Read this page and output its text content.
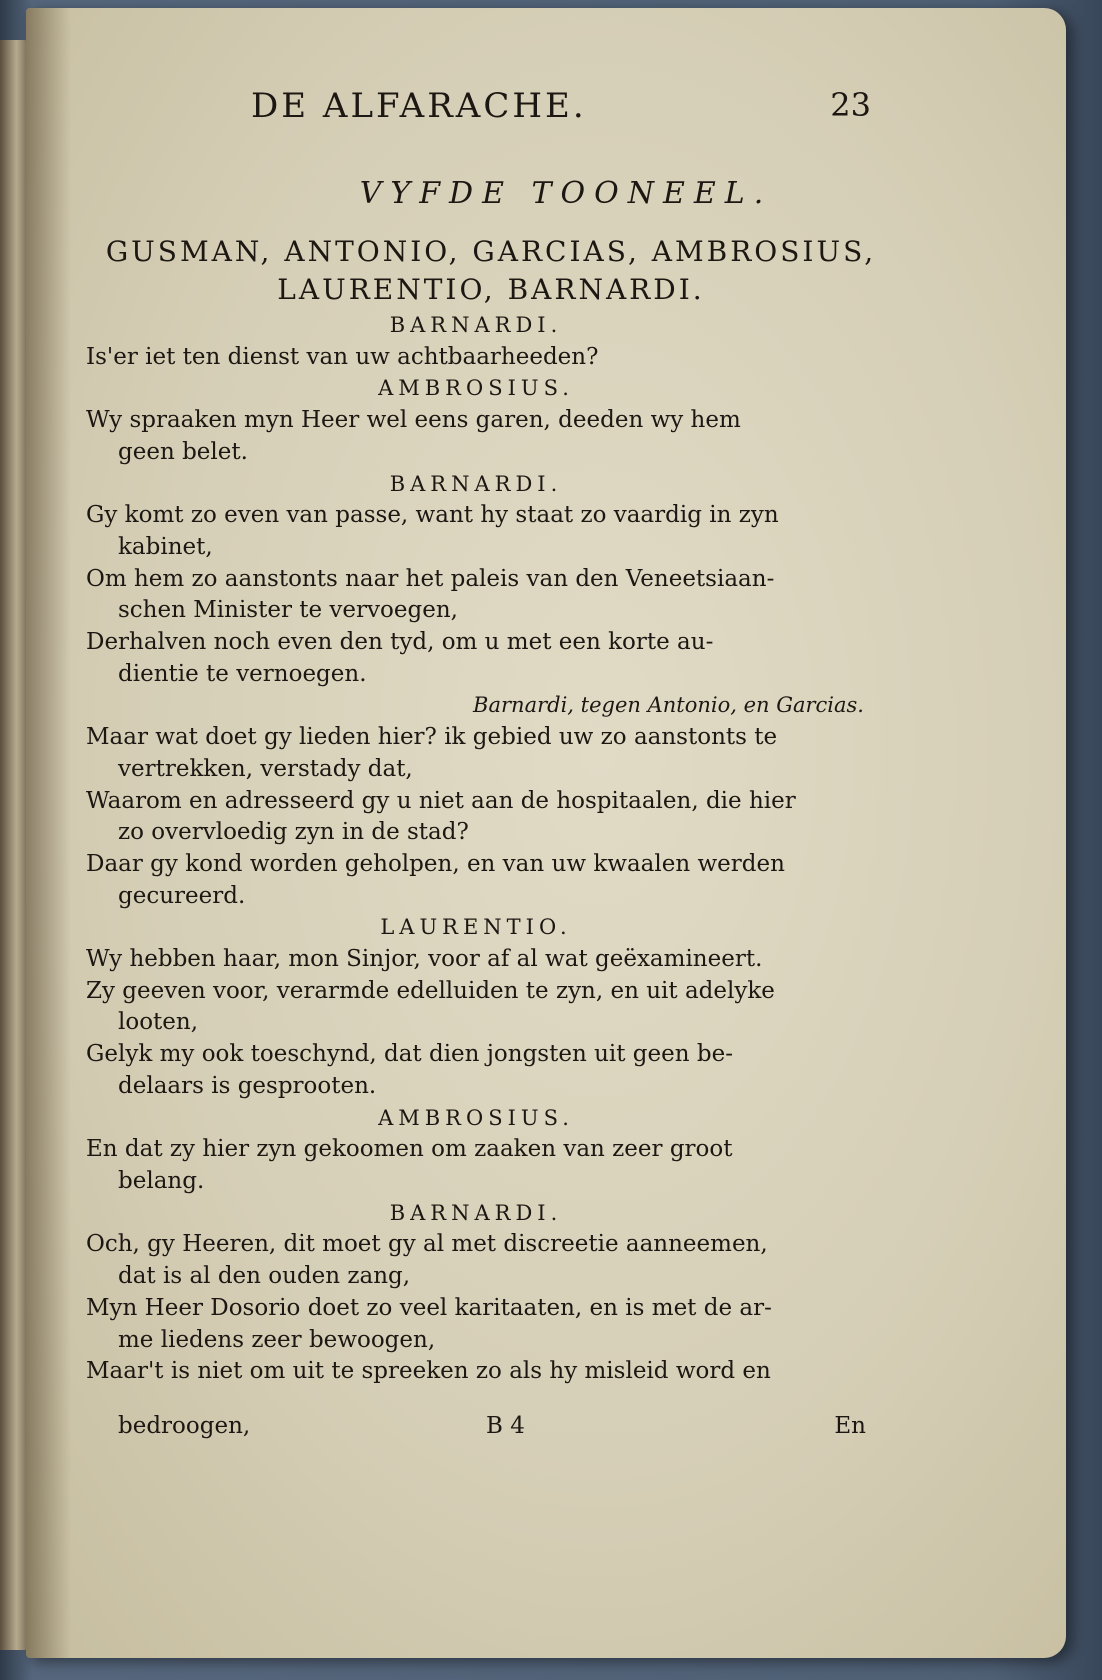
DE ALFARACHE.	23
VYFDE TOONEEL.
GUSMAN, ANTONIO, GARCIAS, AMBROSIUS,
LAURENTIO, BARNARDI.
BARNARDI.
Is'er iet ten dienst van uw achtbaarheeden?
AMBROSIUS.
Wy spraaken myn Heer wel eens garen, deeden wy hem
geen belet.
BARNARDI.
Gy komt zo even van passe, want hy staat zo vaardig in zyn
kabinet,
Om hem zo aanstonts naar het paleis van den Veneetsiaan-
schen Minister te vervoegen,
Derhalven noch even den tyd, om u met een korte au-
dientie te vernoegen.
Barnardi, tegen Antonio, en Garcias.
Maar wat doet gy lieden hier? ik gebied uw zo aanstonts te
vertrekken, verstady dat,
Waarom en adresseerd gy u niet aan de hospitaalen, die hier
zo overvloedig zyn in de stad?
Daar gy kond worden geholpen, en van uw kwaalen werden
gecureerd.
LAURENTIO.
Wy hebben haar, mon Sinjor, voor af al wat geëxamineert.
Zy geeven voor, verarmde edelluiden te zyn, en uit adelyke
looten,
Gelyk my ook toeschynd, dat dien jongsten uit geen be-
delaars is gesprooten.
AMBROSIUS.
En dat zy hier zyn gekoomen om zaaken van zeer groot
belang.
BARNARDI.
Och, gy Heeren, dit moet gy al met discreetie aanneemen,
dat is al den ouden zang,
Myn Heer Dosorio doet zo veel karitaaten, en is met de ar-
me liedens zeer bewoogen,
Maar't is niet om uit te spreeken zo als hy misleid word en
bedroogen,	B 4	En
